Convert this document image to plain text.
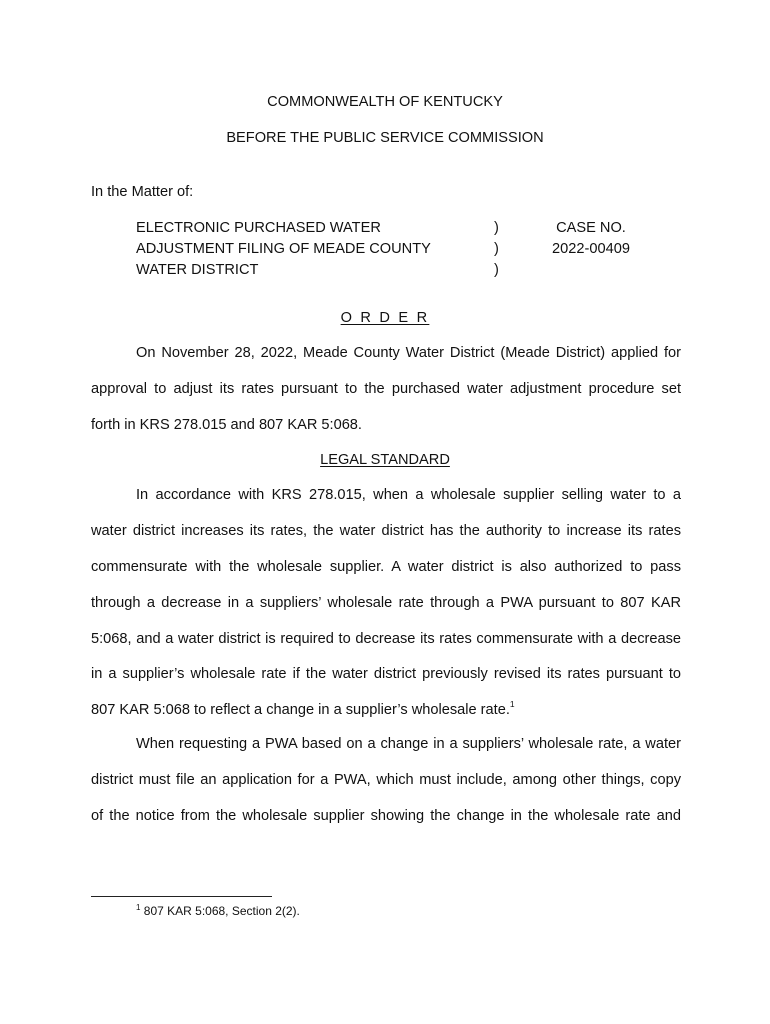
COMMONWEALTH OF KENTUCKY
BEFORE THE PUBLIC SERVICE COMMISSION
In the Matter of:
ELECTRONIC PURCHASED WATER
ADJUSTMENT FILING OF MEADE COUNTY
WATER DISTRICT
)
)
)
CASE NO.
2022-00409
O R D E R
On November 28, 2022, Meade County Water District (Meade District) applied for
approval to adjust its rates pursuant to the purchased water adjustment procedure set
forth in KRS 278.015 and 807 KAR 5:068.
LEGAL STANDARD
In accordance with KRS 278.015, when a wholesale supplier selling water to a
water district increases its rates, the water district has the authority to increase its rates
commensurate with the wholesale supplier. A water district is also authorized to pass
through a decrease in a suppliers’ wholesale rate through a PWA pursuant to 807 KAR
5:068, and a water district is required to decrease its rates commensurate with a decrease
in a supplier’s wholesale rate if the water district previously revised its rates pursuant to
807 KAR 5:068 to reflect a change in a supplier’s wholesale rate.$^1$
When requesting a PWA based on a change in a suppliers’ wholesale rate, a water
district must file an application for a PWA, which must include, among other things, copy
of the notice from the wholesale supplier showing the change in the wholesale rate and
$^1$ 807 KAR 5:068, Section 2(2).
